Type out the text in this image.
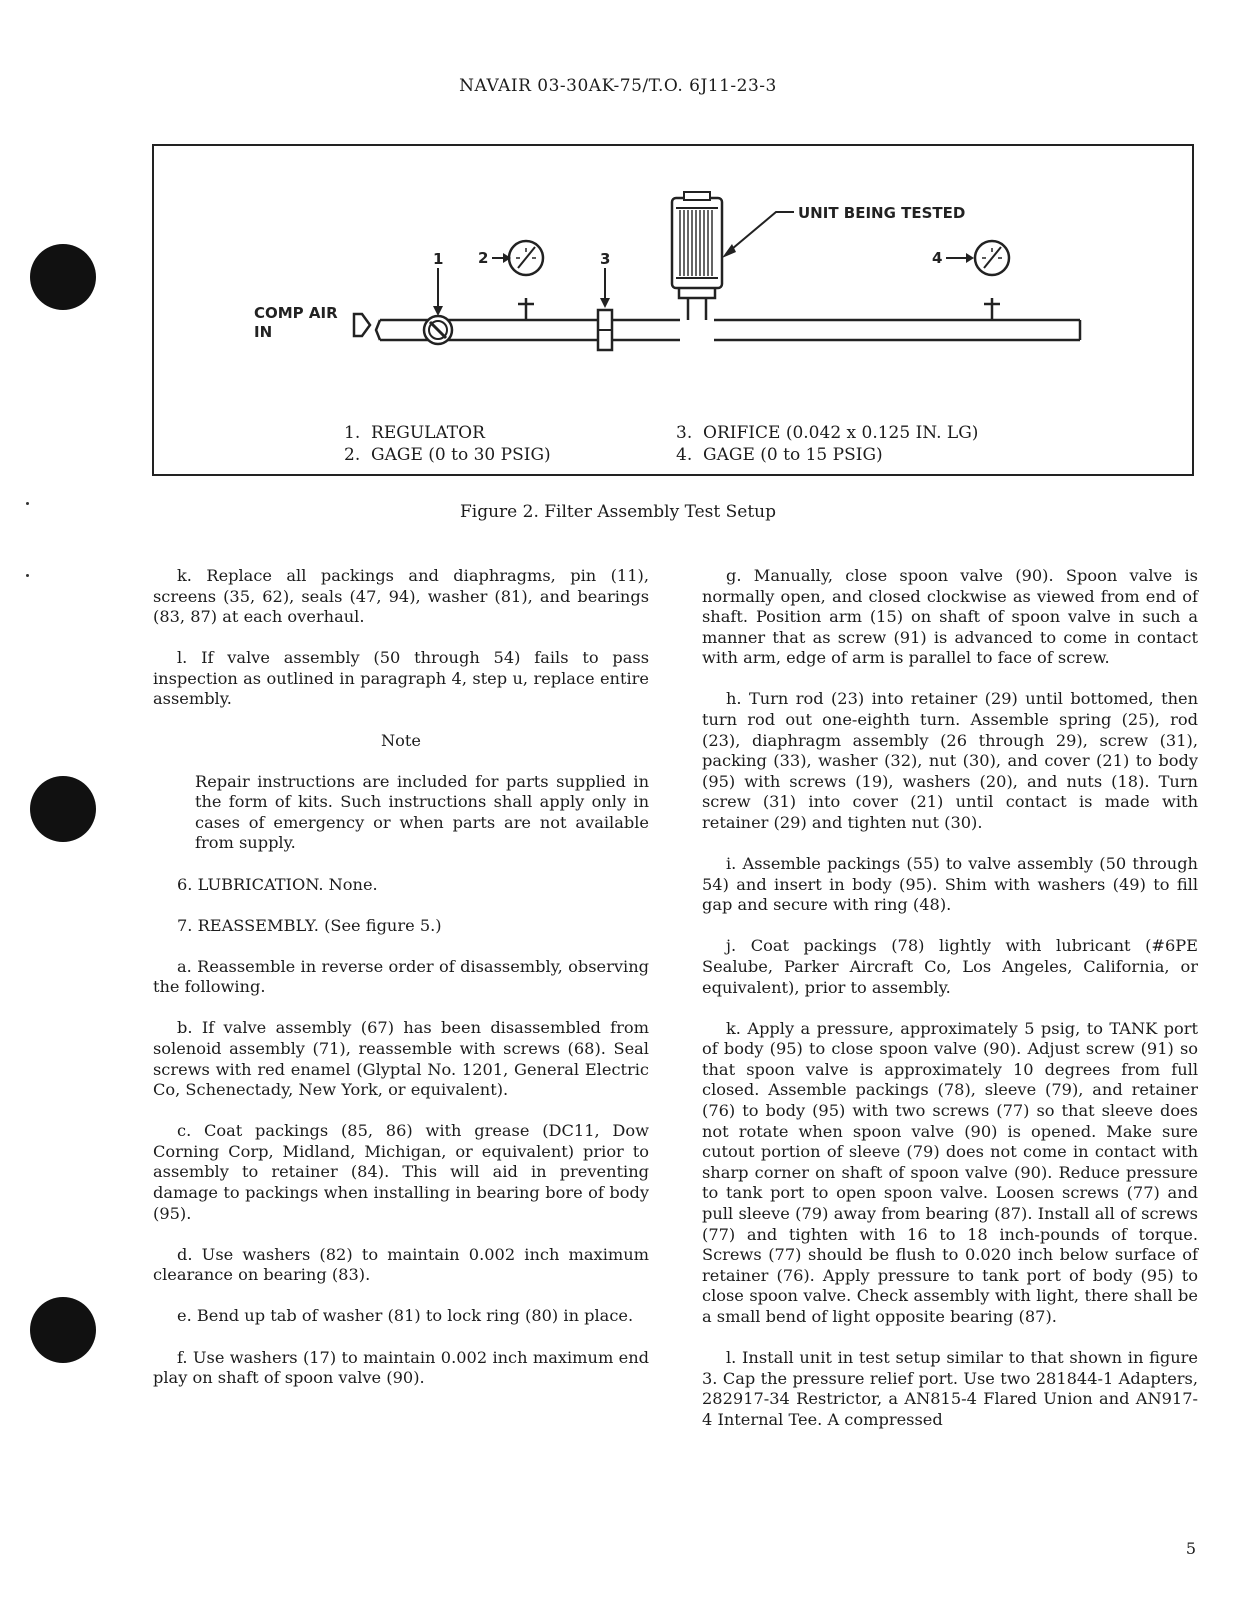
NAVAIR 03-30AK-75/T.O. 6J11-23-3
UNIT BEING TESTED
COMP AIR
IN
1 2	3	4
1. REGULATOR
2. GAGE (0 to 30 PSIG)
3. ORIFICE (0.042 x 0.125 IN. LG)
4. GAGE (0 to 15 PSIG)
Figure 2. Filter Assembly Test Setup

k. Replace all packings and diaphragms, pin (11), screens (35, 62), seals (47, 94), washer (81), and bearings (83, 87) at each overhaul.

l. If valve assembly (50 through 54) fails to pass inspection as outlined in paragraph 4, step u, replace entire assembly.

Note

Repair instructions are included for parts supplied in the form of kits. Such instructions shall apply only in cases of emergency or when parts are not available from supply.

6. LUBRICATION. None.

7. REASSEMBLY. (See figure 5.)

a. Reassemble in reverse order of disassembly, observing the following.

b. If valve assembly (67) has been disassembled from solenoid assembly (71), reassemble with screws (68). Seal screws with red enamel (Glyptal No. 1201, General Electric Co, Schenectady, New York, or equivalent).

c. Coat packings (85, 86) with grease (DC11, Dow Corning Corp, Midland, Michigan, or equivalent) prior to assembly to retainer (84). This will aid in preventing damage to packings when installing in bearing bore of body (95).

d. Use washers (82) to maintain 0.002 inch maximum clearance on bearing (83).

e. Bend up tab of washer (81) to lock ring (80) in place.

f. Use washers (17) to maintain 0.002 inch maximum end play on shaft of spoon valve (90).

g. Manually, close spoon valve (90). Spoon valve is normally open, and closed clockwise as viewed from end of shaft. Position arm (15) on shaft of spoon valve in such a manner that as screw (91) is advanced to come in contact with arm, edge of arm is parallel to face of screw.

h. Turn rod (23) into retainer (29) until bottomed, then turn rod out one-eighth turn. Assemble spring (25), rod (23), diaphragm assembly (26 through 29), screw (31), packing (33), washer (32), nut (30), and cover (21) to body (95) with screws (19), washers (20), and nuts (18). Turn screw (31) into cover (21) until contact is made with retainer (29) and tighten nut (30).

i. Assemble packings (55) to valve assembly (50 through 54) and insert in body (95). Shim with washers (49) to fill gap and secure with ring (48).

j. Coat packings (78) lightly with lubricant (#6PE Sealube, Parker Aircraft Co, Los Angeles, California, or equivalent), prior to assembly.

k. Apply a pressure, approximately 5 psig, to TANK port of body (95) to close spoon valve (90). Adjust screw (91) so that spoon valve is approximately 10 degrees from full closed. Assemble packings (78), sleeve (79), and retainer (76) to body (95) with two screws (77) so that sleeve does not rotate when spoon valve (90) is opened. Make sure cutout portion of sleeve (79) does not come in contact with sharp corner on shaft of spoon valve (90). Reduce pressure to tank port to open spoon valve. Loosen screws (77) and pull sleeve (79) away from bearing (87). Install all of screws (77) and tighten with 16 to 18 inch-pounds of torque. Screws (77) should be flush to 0.020 inch below surface of retainer (76). Apply pressure to tank port of body (95) to close spoon valve. Check assembly with light, there shall be a small bend of light opposite bearing (87).

l. Install unit in test setup similar to that shown in figure 3. Cap the pressure relief port. Use two 281844-1 Adapters, 282917-34 Restrictor, a AN815-4 Flared Union and AN917-4 Internal Tee. A compressed

5
